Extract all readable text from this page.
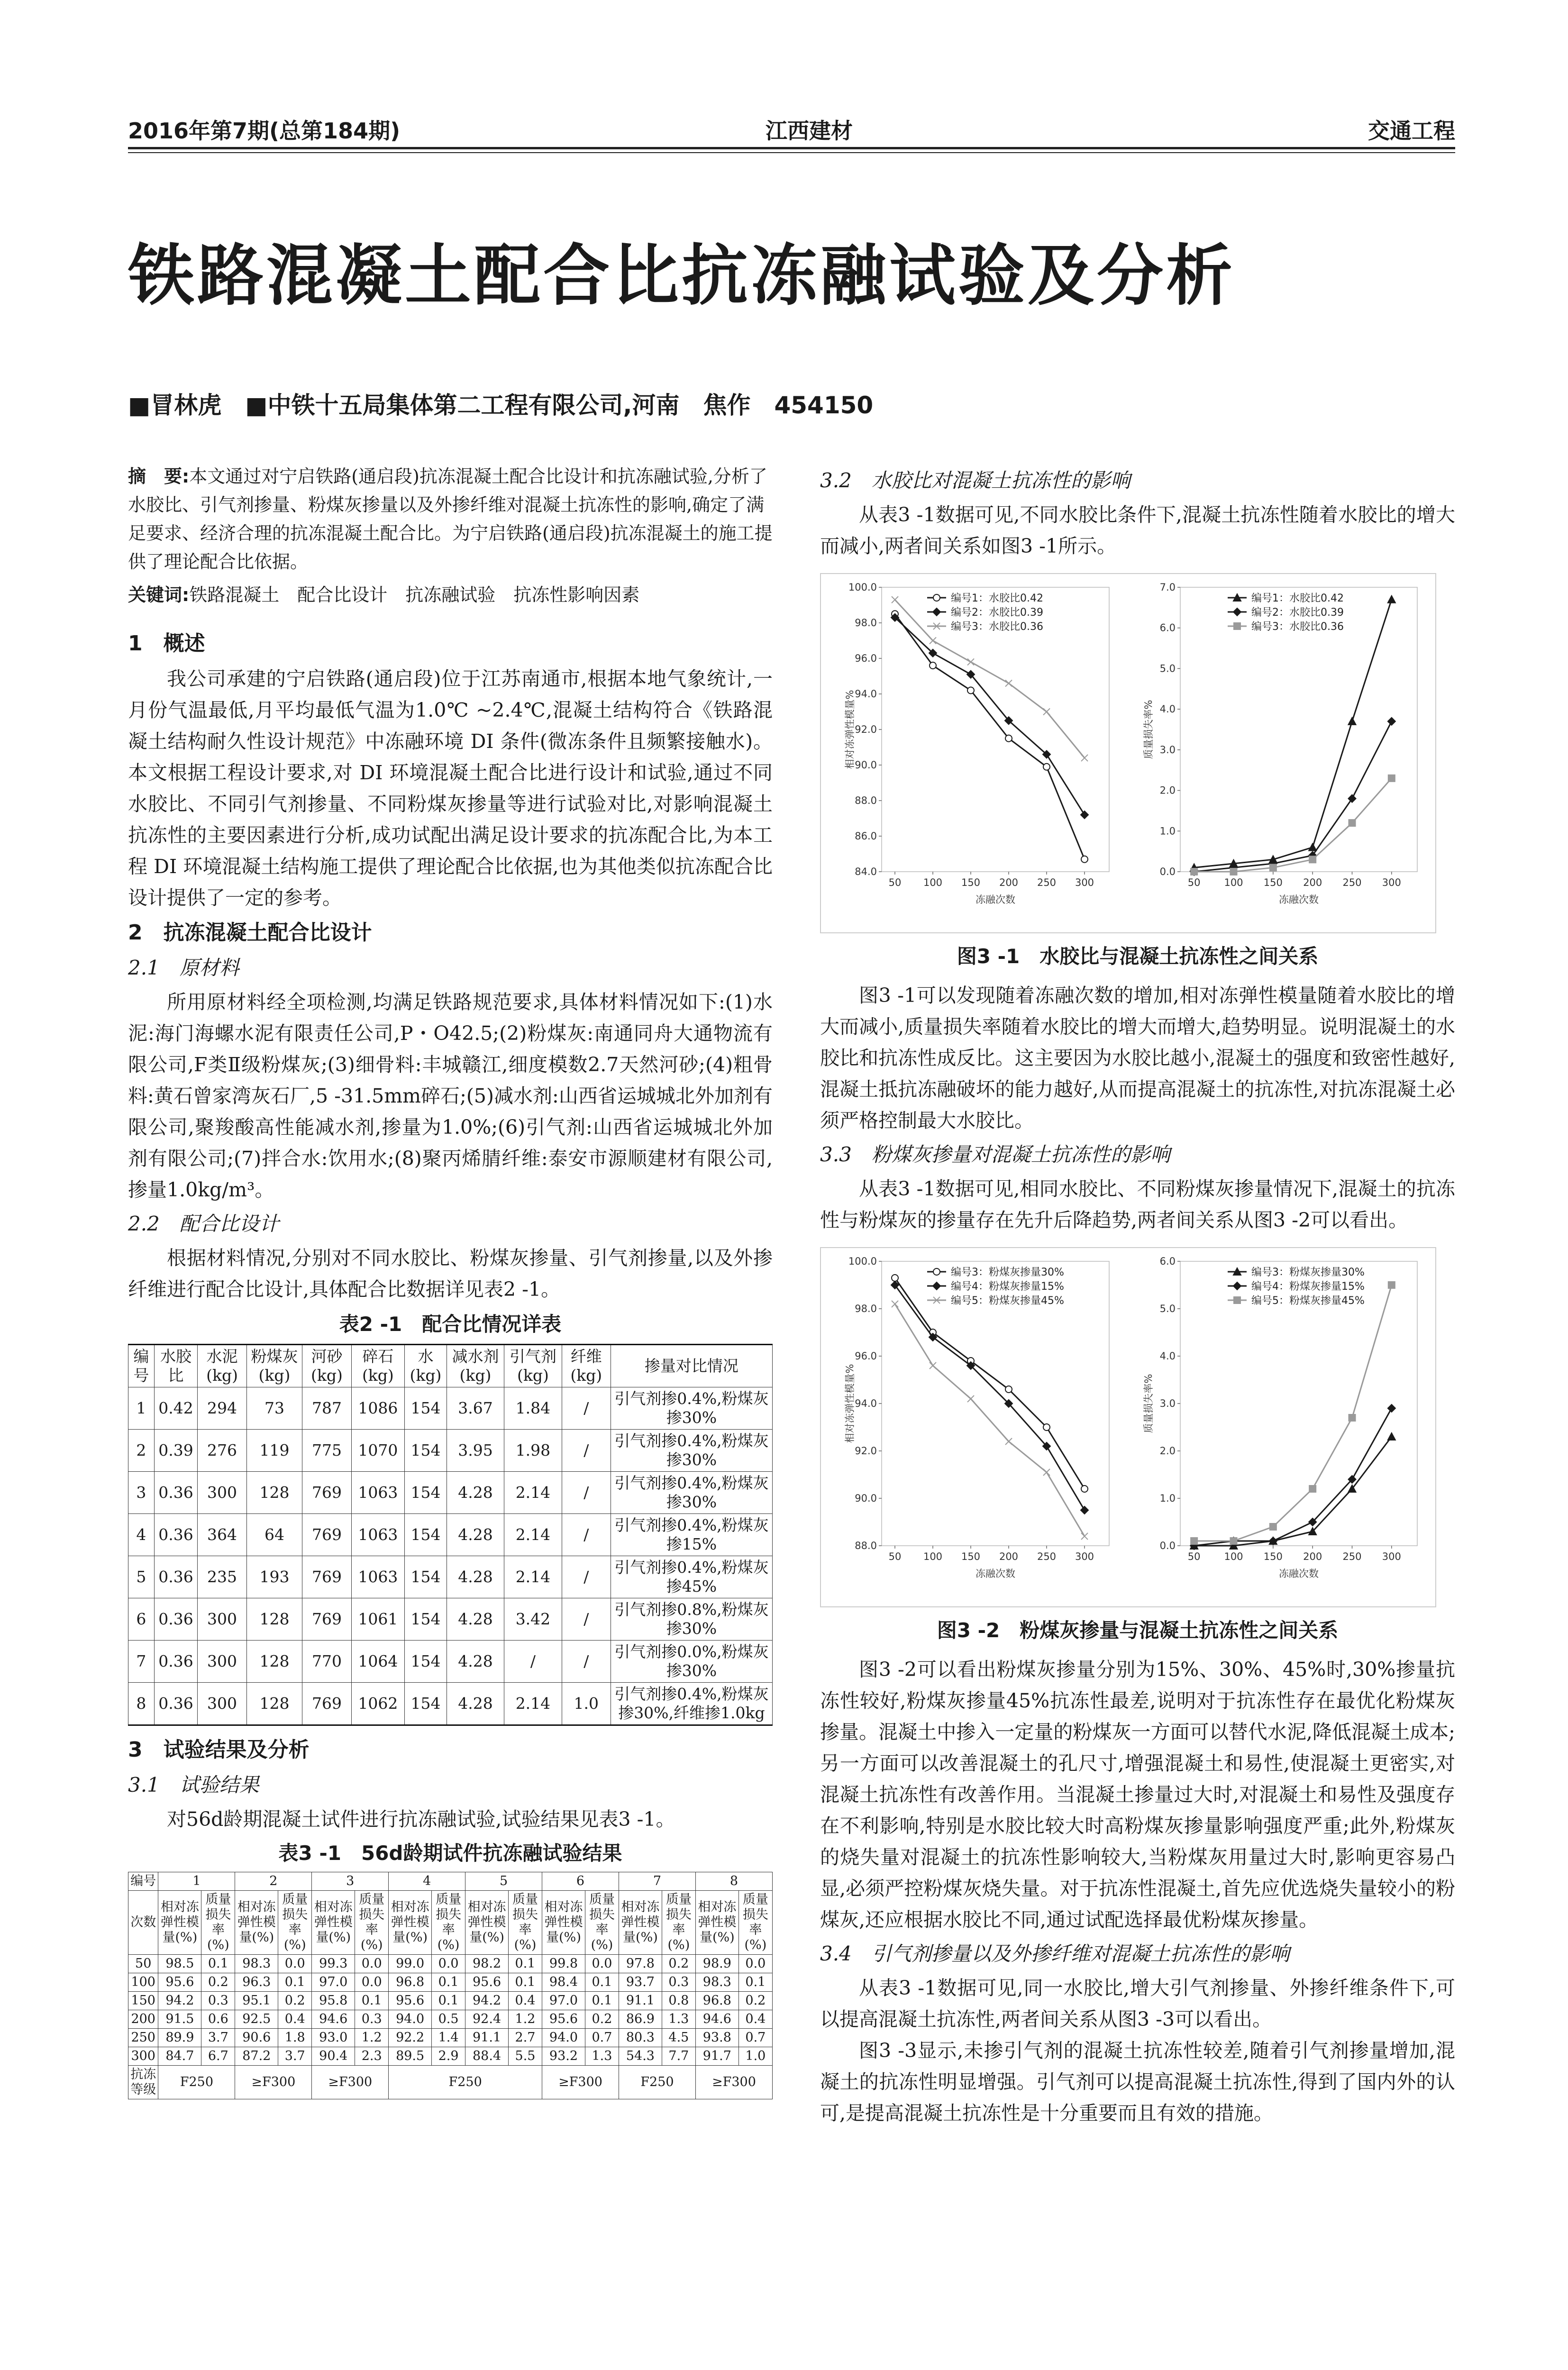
2016年第7期(总第184期)	江西建材	交通工程
铁路混凝土配合比抗冻融试验及分析
■冒林虎　■中铁十五局集体第二工程有限公司,河南　焦作　454150
摘　要:本文通过对宁启铁路(通启段)抗冻混凝土配合比设计和抗冻融试验,分析了水胶比、引气剂掺量、粉煤灰掺量以及外掺纤维对混凝土抗冻性的影响,确定了满足要求、经济合理的抗冻混凝土配合比。为宁启铁路(通启段)抗冻混凝土的施工提供了理论配合比依据。
关键词:铁路混凝土　配合比设计　抗冻融试验　抗冻性影响因素
1　概述

我公司承建的宁启铁路(通启段)位于江苏南通市,根据本地气象统计,一月份气温最低,月平均最低气温为1.0℃ ~2.4℃,混凝土结构符合《铁路混凝土结构耐久性设计规范》中冻融环境 DI 条件(微冻条件且频繁接触水)。本文根据工程设计要求,对 DI 环境混凝土配合比进行设计和试验,通过不同水胶比、不同引气剂掺量、不同粉煤灰掺量等进行试验对比,对影响混凝土抗冻性的主要因素进行分析,成功试配出满足设计要求的抗冻配合比,为本工程 DI 环境混凝土结构施工提供了理论配合比依据,也为其他类似抗冻配合比设计提供了一定的参考。

2　抗冻混凝土配合比设计
2.1　原材料

所用原材料经全项检测,均满足铁路规范要求,具体材料情况如下:(1)水泥:海门海螺水泥有限责任公司,P・O42.5;(2)粉煤灰:南通同舟大通物流有限公司,F类Ⅱ级粉煤灰;(3)细骨料:丰城赣江,细度模数2.7天然河砂;(4)粗骨料:黄石曾家湾灰石厂,5 -31.5mm碎石;(5)减水剂:山西省运城城北外加剂有限公司,聚羧酸高性能减水剂,掺量为1.0%;(6)引气剂:山西省运城城北外加剂有限公司;(7)拌合水:饮用水;(8)聚丙烯腈纤维:泰安市源顺建材有限公司,掺量1.0kg/m³。

2.2　配合比设计

根据材料情况,分别对不同水胶比、粉煤灰掺量、引气剂掺量,以及外掺纤维进行配合比设计,具体配合比数据详见表2 -1。

表2 -1　配合比情况详表
编号	水胶比	水泥(kg)	粉煤灰(kg)	河砂(kg)	碎石(kg)	水(kg)	减水剂(kg)	引气剂(kg)	纤维(kg)	掺量对比情况
1	0.42	294	73	787	1086	154	3.67	1.84	/	引气剂掺0.4%,粉煤灰掺30%
2	0.39	276	119	775	1070	154	3.95	1.98	/	引气剂掺0.4%,粉煤灰掺30%
3	0.36	300	128	769	1063	154	4.28	2.14	/	引气剂掺0.4%,粉煤灰掺30%
4	0.36	364	64	769	1063	154	4.28	2.14	/	引气剂掺0.4%,粉煤灰掺15%
5	0.36	235	193	769	1063	154	4.28	2.14	/	引气剂掺0.4%,粉煤灰掺45%
6	0.36	300	128	769	1061	154	4.28	3.42	/	引气剂掺0.8%,粉煤灰掺30%
7	0.36	300	128	770	1064	154	4.28	/	/	引气剂掺0.0%,粉煤灰掺30%
8	0.36	300	128	769	1062	154	4.28	2.14	1.0	引气剂掺0.4%,粉煤灰掺30%,纤维掺1.0kg
3　试验结果及分析
3.1　试验结果

对56d龄期混凝土试件进行抗冻融试验,试验结果见表3 -1。

表3 -1　56d龄期试件抗冻融试验结果
编号	1		2		3		4		5		6		7		8	
次数	相对冻弹性模量(%)	质量损失率(%)	相对冻弹性模量(%)	质量损失率(%)	相对冻弹性模量(%)	质量损失率(%)	相对冻弹性模量(%)	质量损失率(%)	相对冻弹性模量(%)	质量损失率(%)	相对冻弹性模量(%)	质量损失率(%)	相对冻弹性模量(%)	质量损失率(%)	相对冻弹性模量(%)	质量损失率(%)
50	98.5	0.1	98.3	0.0	99.3	0.0	99.0	0.0	98.2	0.1	99.8	0.0	97.8	0.2	98.9	0.0
100	95.6	0.2	96.3	0.1	97.0	0.0	96.8	0.1	95.6	0.1	98.4	0.1	93.7	0.3	98.3	0.1
150	94.2	0.3	95.1	0.2	95.8	0.1	95.6	0.1	94.2	0.4	97.0	0.1	91.1	0.8	96.8	0.2
200	91.5	0.6	92.5	0.4	94.6	0.3	94.0	0.5	92.4	1.2	95.6	0.2	86.9	1.3	94.6	0.4
250	89.9	3.7	90.6	1.8	93.0	1.2	92.2	1.4	91.1	2.7	94.0	0.7	80.3	4.5	93.8	0.7
300	84.7	6.7	87.2	3.7	90.4	2.3	89.5	2.9	88.4	5.5	93.2	1.3	54.3	7.7	91.7	1.0
抗冻等级	F250		≥F300		≥F300		F250				≥F300		F250		≥F300	
3.2　水胶比对混凝土抗冻性的影响

从表3 -1数据可见,不同水胶比条件下,混凝土抗冻性随着水胶比的增大而减小,两者间关系如图3 -1所示。

84.0
86.0
88.0
90.0
92.0
94.0
96.0
98.0
100.0
50 100 150 200 250 300
冻融次数
相对冻弹性模量%
编号1：水胶比0.42
编号2：水胶比0.39
编号3：水胶比0.36
0.0
1.0
2.0
3.0
4.0
5.0
6.0
7.0
50 100 150 200 250 300
冻融次数
质量损失率%
编号1：水胶比0.42
编号2：水胶比0.39
编号3：水胶比0.36
图3 -1　水胶比与混凝土抗冻性之间关系

图3 -1可以发现随着冻融次数的增加,相对冻弹性模量随着水胶比的增大而减小,质量损失率随着水胶比的增大而增大,趋势明显。说明混凝土的水胶比和抗冻性成反比。这主要因为水胶比越小,混凝土的强度和致密性越好,混凝土抵抗冻融破坏的能力越好,从而提高混凝土的抗冻性,对抗冻混凝土必须严格控制最大水胶比。

3.3　粉煤灰掺量对混凝土抗冻性的影响

从表3 -1数据可见,相同水胶比、不同粉煤灰掺量情况下,混凝土的抗冻性与粉煤灰的掺量存在先升后降趋势,两者间关系从图3 -2可以看出。

88.0
90.0
92.0
94.0
96.0
98.0
100.0
50 100 150 200 250 300
冻融次数
相对冻弹性模量%
编号3：粉煤灰掺量30%
编号4：粉煤灰掺量15%
编号5：粉煤灰掺量45%
0.0
1.0
2.0
3.0
4.0
5.0
6.0
50 100 150 200 250 300
冻融次数
质量损失率%
编号3：粉煤灰掺量30%
编号4：粉煤灰掺量15%
编号5：粉煤灰掺量45%
图3 -2　粉煤灰掺量与混凝土抗冻性之间关系

图3 -2可以看出粉煤灰掺量分别为15%、30%、45%时,30%掺量抗冻性较好,粉煤灰掺量45%抗冻性最差,说明对于抗冻性存在最优化粉煤灰掺量。混凝土中掺入一定量的粉煤灰一方面可以替代水泥,降低混凝土成本;另一方面可以改善混凝土的孔尺寸,增强混凝土和易性,使混凝土更密实,对混凝土抗冻性有改善作用。当混凝土掺量过大时,对混凝土和易性及强度存在不利影响,特别是水胶比较大时高粉煤灰掺量影响强度严重;此外,粉煤灰的烧失量对混凝土的抗冻性影响较大,当粉煤灰用量过大时,影响更容易凸显,必须严控粉煤灰烧失量。对于抗冻性混凝土,首先应优选烧失量较小的粉煤灰,还应根据水胶比不同,通过试配选择最优粉煤灰掺量。

3.4　引气剂掺量以及外掺纤维对混凝土抗冻性的影响

从表3 -1数据可见,同一水胶比,增大引气剂掺量、外掺纤维条件下,可以提高混凝土抗冻性,两者间关系从图3 -3可以看出。

图3 -3显示,未掺引气剂的混凝土抗冻性较差,随着引气剂掺量增加,混凝土的抗冻性明显增强。引气剂可以提高混凝土抗冻性,得到了国内外的认可,是提高混凝土抗冻性是十分重要而且有效的措施。
